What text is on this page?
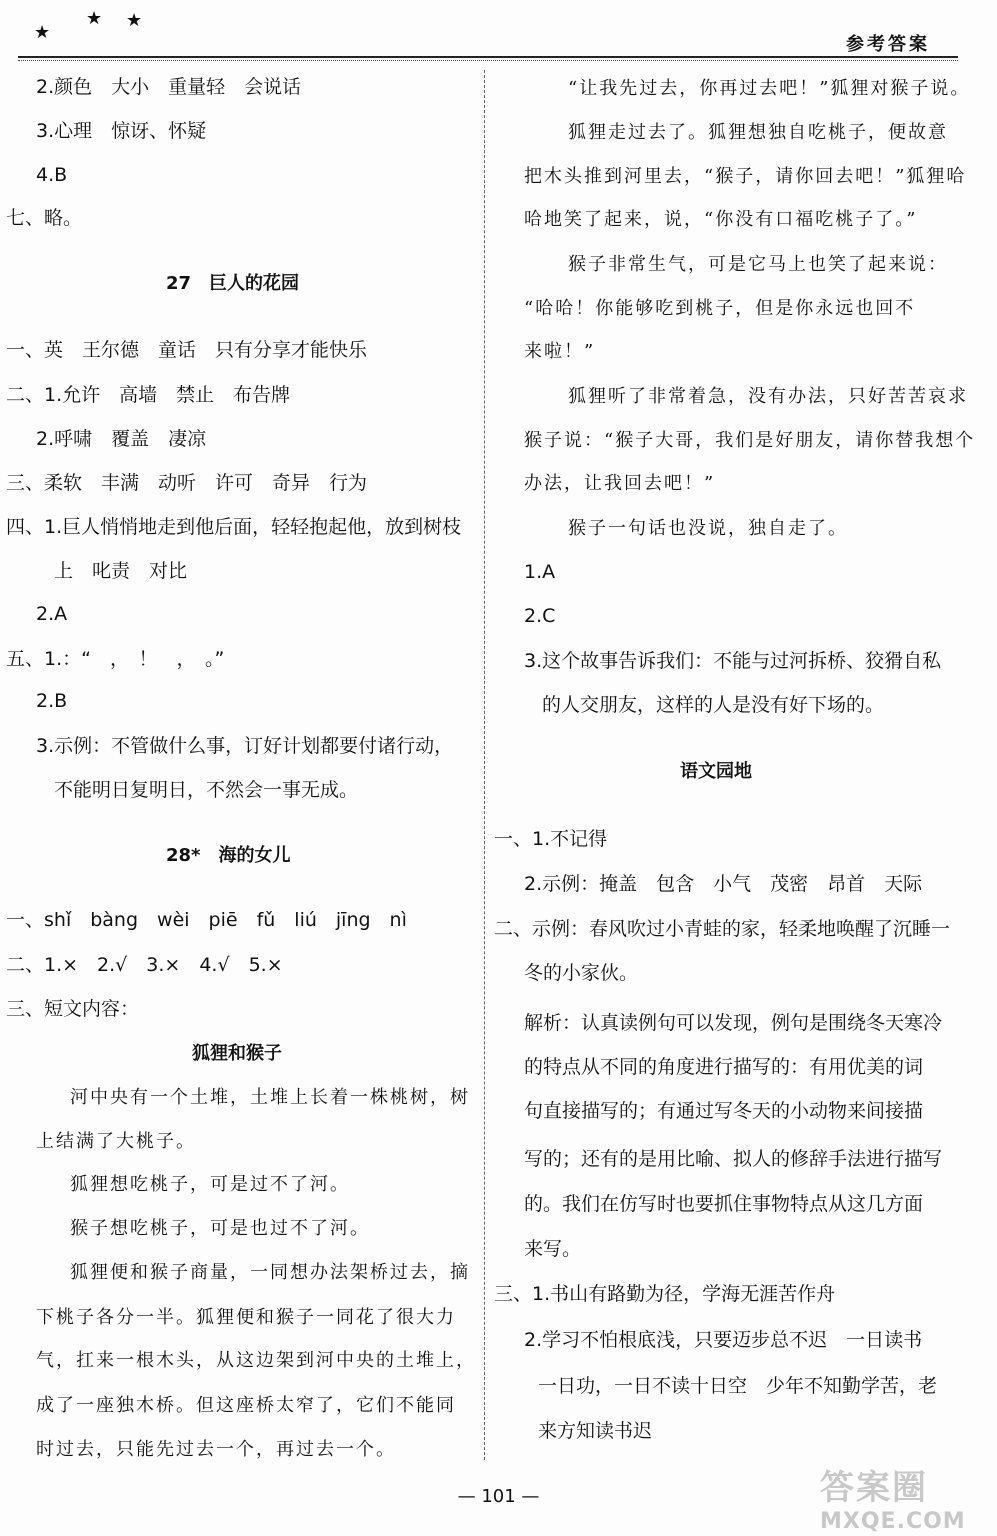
★
★ ★
参考答案
2.颜色　大小　重量轻　会说话
3.心理　惊讶、怀疑
4.B
七、略。
27　巨人的花园
一、英　王尔德　童话　只有分享才能快乐
二、1.允许　高墙　禁止　布告牌
2.呼啸　覆盖　凄凉
三、柔软　丰满　动听　许可　奇异　行为
四、1.巨人悄悄地走到他后面，轻轻抱起他，放到树枝
上　叱责　对比
2.A
五、1.：“　，　！　，　。”
2.B
3.示例：不管做什么事，订好计划都要付诸行动，
不能明日复明日，不然会一事无成。
28*　海的女儿
一、shǐ　bàng　wèi　piē　fǔ　liú　jīng　nì
二、1.×　2.√　3.×　4.√　5.×
三、短文内容：
狐狸和猴子
河中央有一个土堆，土堆上长着一株桃树，树
上结满了大桃子。
狐狸想吃桃子，可是过不了河。
猴子想吃桃子，可是也过不了河。
狐狸便和猴子商量，一同想办法架桥过去，摘
下桃子各分一半。狐狸便和猴子一同花了很大力
气，扛来一根木头，从这边架到河中央的土堆上，
成了一座独木桥。但这座桥太窄了，它们不能同
时过去，只能先过去一个，再过去一个。
“让我先过去，你再过去吧！”狐狸对猴子说。
狐狸走过去了。狐狸想独自吃桃子，便故意
把木头推到河里去，“猴子，请你回去吧！”狐狸哈
哈地笑了起来，说，“你没有口福吃桃子了。”
猴子非常生气，可是它马上也笑了起来说：
“哈哈！你能够吃到桃子，但是你永远也回不
来啦！”
狐狸听了非常着急，没有办法，只好苦苦哀求
猴子说：“猴子大哥，我们是好朋友，请你替我想个
办法，让我回去吧！”
猴子一句话也没说，独自走了。
1.A
2.C
3.这个故事告诉我们：不能与过河拆桥、狡猾自私
的人交朋友，这样的人是没有好下场的。
语文园地
一、1.不记得
2.示例：掩盖　包含　小气　茂密　昂首　天际
二、示例：春风吹过小青蛙的家，轻柔地唤醒了沉睡一
冬的小家伙。
解析：认真读例句可以发现，例句是围绕冬天寒冷
的特点从不同的角度进行描写的：有用优美的词
句直接描写的；有通过写冬天的小动物来间接描
写的；还有的是用比喻、拟人的修辞手法进行描写
的。我们在仿写时也要抓住事物特点从这几方面
来写。
三、1.书山有路勤为径，学海无涯苦作舟
2.学习不怕根底浅，只要迈步总不迟　一日读书
一日功，一日不读十日空　少年不知勤学苦，老
来方知读书迟
— 101 —	答案圈
MXQE.COM
